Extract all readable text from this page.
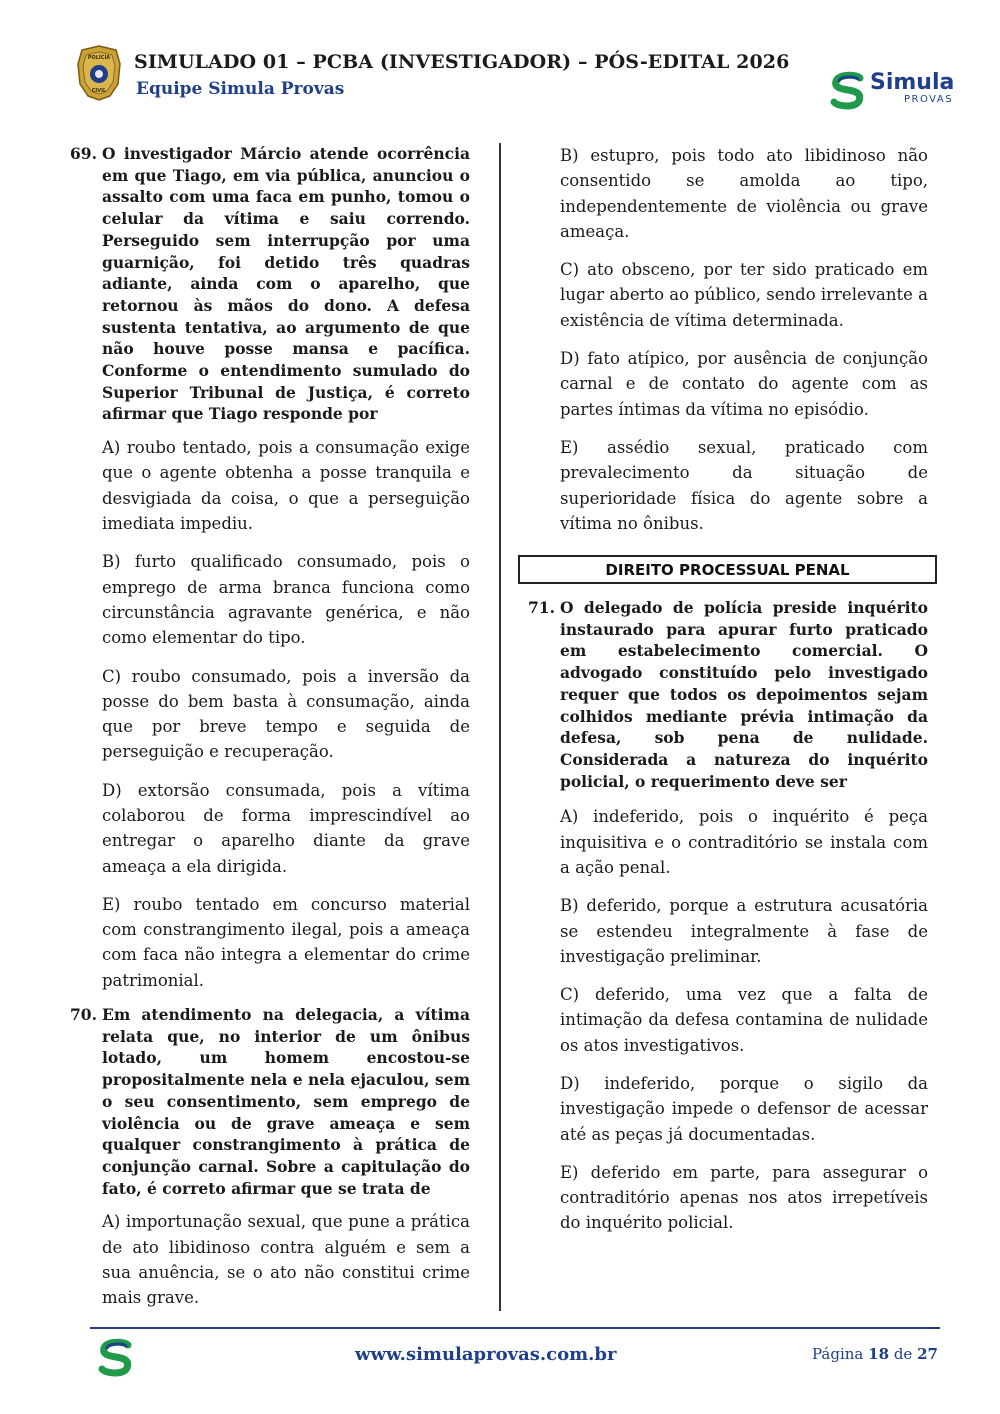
POLÍCIA
CIVIL
SIMULADO 01 – PCBA (INVESTIGADOR) – PÓS-EDITAL 2026
Equipe Simula Provas	Simula
PROVAS
69. O investigador Márcio atende ocorrência em que Tiago, em via pública, anunciou o assalto com uma faca em punho, tomou o celular da vítima e saiu correndo. Perseguido sem interrupção por uma guarnição, foi detido três quadras adiante, ainda com o aparelho, que retornou às mãos do dono. A defesa sustenta tentativa, ao argumento de que não houve posse mansa e pacífica. Conforme o entendimento sumulado do Superior Tribunal de Justiça, é correto afirmar que Tiago responde por

A) roubo tentado, pois a consumação exige que o agente obtenha a posse tranquila e desvigiada da coisa, o que a perseguição imediata impediu.

B) furto qualificado consumado, pois o emprego de arma branca funciona como circunstância agravante genérica, e não como elementar do tipo.

C) roubo consumado, pois a inversão da posse do bem basta à consumação, ainda que por breve tempo e seguida de perseguição e recuperação.

D) extorsão consumada, pois a vítima colaborou de forma imprescindível ao entregar o aparelho diante da grave ameaça a ela dirigida.

E) roubo tentado em concurso material com constrangimento ilegal, pois a ameaça com faca não integra a elementar do crime patrimonial.

70. Em atendimento na delegacia, a vítima relata que, no interior de um ônibus lotado, um homem encostou-se propositalmente nela e nela ejaculou, sem o seu consentimento, sem emprego de violência ou de grave ameaça e sem qualquer constrangimento à prática de conjunção carnal. Sobre a capitulação do fato, é correto afirmar que se trata de

A) importunação sexual, que pune a prática de ato libidinoso contra alguém e sem a sua anuência, se o ato não constitui crime mais grave.

B) estupro, pois todo ato libidinoso não consentido se amolda ao tipo, independentemente de violência ou grave ameaça.

C) ato obsceno, por ter sido praticado em lugar aberto ao público, sendo irrelevante a existência de vítima determinada.

D) fato atípico, por ausência de conjunção carnal e de contato do agente com as partes íntimas da vítima no episódio.

E) assédio sexual, praticado com prevalecimento da situação de superioridade física do agente sobre a vítima no ônibus.

DIREITO PROCESSUAL PENAL
71. O delegado de polícia preside inquérito instaurado para apurar furto praticado em estabelecimento comercial. O advogado constituído pelo investigado requer que todos os depoimentos sejam colhidos mediante prévia intimação da defesa, sob pena de nulidade. Considerada a natureza do inquérito policial, o requerimento deve ser

A) indeferido, pois o inquérito é peça inquisitiva e o contraditório se instala com a ação penal.

B) deferido, porque a estrutura acusatória se estendeu integralmente à fase de investigação preliminar.

C) deferido, uma vez que a falta de intimação da defesa contamina de nulidade os atos investigativos.

D) indeferido, porque o sigilo da investigação impede o defensor de acessar até as peças já documentadas.

E) deferido em parte, para assegurar o contraditório apenas nos atos irrepetíveis do inquérito policial.

www.simulaprovas.com.br	Página 18 de 27
